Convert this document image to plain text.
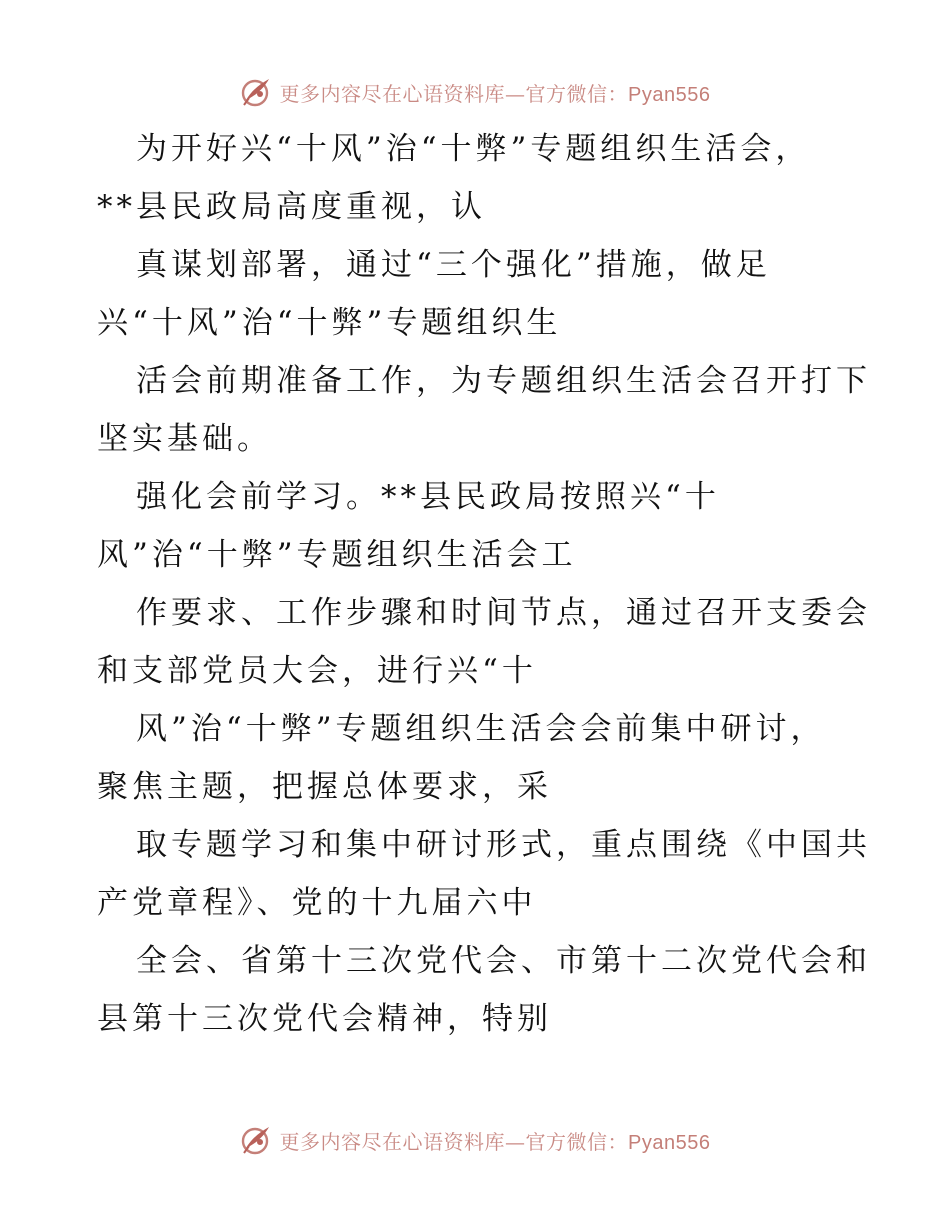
更多内容尽在心语资料库—官方微信：Pyan556
为开好兴“十风”治“十弊”专题组织生活会，
**县民政局高度重视，认
真谋划部署，通过“三个强化”措施，做足
兴“十风”治“十弊”专题组织生
活会前期准备工作，为专题组织生活会召开打下
坚实基础。
强化会前学习。**县民政局按照兴“十
风”治“十弊”专题组织生活会工
作要求、工作步骤和时间节点，通过召开支委会
和支部党员大会，进行兴“十
风”治“十弊”专题组织生活会会前集中研讨，
聚焦主题，把握总体要求，采
取专题学习和集中研讨形式，重点围绕《中国共
产党章程》、党的十九届六中
全会、省第十三次党代会、市第十二次党代会和
县第十三次党代会精神，特别
更多内容尽在心语资料库—官方微信：Pyan556
